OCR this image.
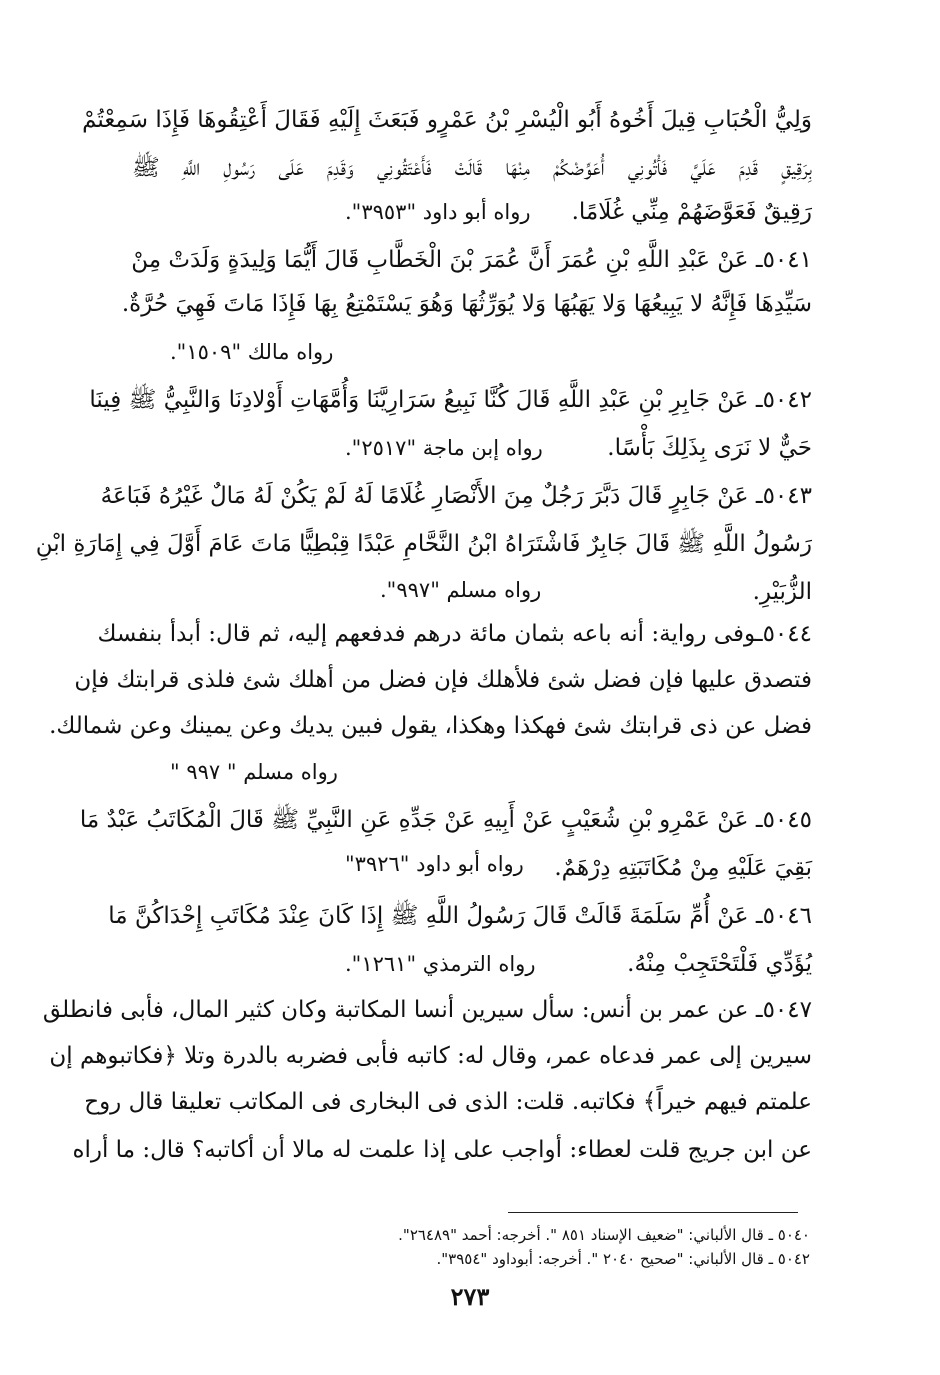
وَلِيُّ الْحُبَابِ قِيلَ أَخُوهُ أَبُو الْيُسْرِ بْنُ عَمْرٍو فَبَعَثَ إِلَيْهِ فَقَالَ أَعْتِقُوهَا فَإِذَا سَمِعْتُمْ
بِرَقِيقٍ قَدِمَ عَلَيَّ فَأْتُونِي أُعَوِّضْكُمْ مِنْهَا قَالَتْ فَأَعْتَقُونِي وَقَدِمَ عَلَى رَسُولِ اللَّهِ ﷺ
رَقِيقٌ فَعَوَّضَهُمْ مِنِّي غُلَامًا.
رواه أبو داود "٣٩٥٣".
٥٠٤١ـ عَنْ عَبْدِ اللَّهِ بْنِ عُمَرَ أَنَّ عُمَرَ بْنَ الْخَطَّابِ قَالَ أَيُّمَا وَلِيدَةٍ وَلَدَتْ مِنْ
سَيِّدِهَا فَإِنَّهُ لا يَبِيعُهَا وَلا يَهَبُهَا وَلا يُوَرِّثُهَا وَهُوَ يَسْتَمْتِعُ بِهَا فَإِذَا مَاتَ فَهِيَ حُرَّةٌ.
رواه مالك "١٥٠٩".
٥٠٤٢ـ عَنْ جَابِرِ بْنِ عَبْدِ اللَّهِ قَالَ كُنَّا نَبِيعُ سَرَارِيَّنَا وَأُمَّهَاتِ أَوْلادِنَا وَالنَّبِيُّ ﷺ فِينَا
حَيٌّ لا نَرَى بِذَلِكَ بَأْسًا.
رواه إبن ماجة "٢٥١٧".
٥٠٤٣ـ عَنْ جَابِرٍ قَالَ دَبَّرَ رَجُلٌ مِنَ الأَنْصَارِ غُلَامًا لَهُ لَمْ يَكُنْ لَهُ مَالٌ غَيْرُهُ فَبَاعَهُ
رَسُولُ اللَّهِ ﷺ قَالَ جَابِرٌ فَاشْتَرَاهُ ابْنُ النَّحَّامِ عَبْدًا قِبْطِيًّا مَاتَ عَامَ أَوَّلَ فِي إِمَارَةِ ابْنِ
الزُّبَيْرِ.
رواه مسلم "٩٩٧".
٥٠٤٤ـوفى رواية: أنه باعه بثمان مائة درهم فدفعهم إليه، ثم قال: أبدأ بنفسك
فتصدق عليها فإن فضل شئ فلأهلك فإن فضل من أهلك شئ فلذى قرابتك فإن
فضل عن ذى قرابتك شئ فهكذا وهكذا، يقول فبين يديك وعن يمينك وعن شمالك.
رواه مسلم " ٩٩٧ "
٥٠٤٥ـ عَنْ عَمْرِو بْنِ شُعَيْبٍ عَنْ أَبِيهِ عَنْ جَدِّهِ عَنِ النَّبِيِّ ﷺ قَالَ الْمُكَاتَبُ عَبْدٌ مَا
بَقِيَ عَلَيْهِ مِنْ مُكَاتَبَتِهِ دِرْهَمٌ.
رواه أبو داود "٣٩٢٦"
٥٠٤٦ـ عَنْ أُمِّ سَلَمَةَ قَالَتْ قَالَ رَسُولُ اللَّهِ ﷺ إِذَا كَانَ عِنْدَ مُكَاتَبِ إِحْدَاكُنَّ مَا
يُؤَدِّي فَلْتَحْتَجِبْ مِنْهُ.
رواه الترمذي "١٢٦١".
٥٠٤٧ـ عن عمر بن أنس: سأل سيرين أنسا المكاتبة وكان كثير المال، فأبى فانطلق
سيرين إلى عمر فدعاه عمر، وقال له: كاتبه فأبى فضربه بالدرة وتلا ﴿فكاتبوهم إن
علمتم فيهم خيراً﴾ فكاتبه. قلت: الذى فى البخارى فى المكاتب تعليقا قال روح
عن ابن جريج قلت لعطاء: أواجب على إذا علمت له مالا أن أكاتبه؟ قال: ما أراه
٥٠٤٠ ـ قال الألباني: "ضعيف الإسناد ٨٥١ ". أخرجه: أحمد "٢٦٤٨٩".
٥٠٤٢ ـ قال الألباني: "صحيح ٢٠٤٠ ". أخرجه: أبوداود "٣٩٥٤".
٢٧٣
